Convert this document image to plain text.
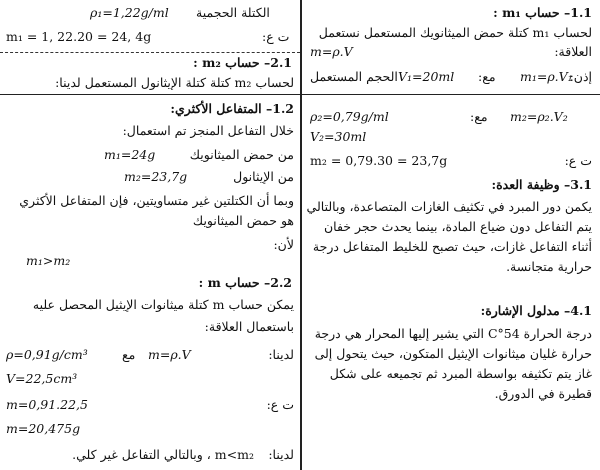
1.1– حساب m₁ :
لحساب m₁ كتلة حمض الميثانويك المستعمل نستعمل
العلاقة:
m=ρ.V
إذن:
m₁=ρ.V₁
مع:
V₁=20ml
الحجم المستعمل
مع: m₂=ρ₂.V₂
ρ₂=0,79g/ml
V₂=30ml
ت ع:
m₂ = 0,79.30 = 23,7g
3.1– وظيفة العدة:
يكمن دور المبرد في تكثيف الغازات المتصاعدة، وبالتالي يتم التفاعل دون ضياع المادة، بينما يحدث حجر خفان أثناء التفاعل غازات، حيث تصبح للخليط المتفاعل درجة حرارية متجانسة.
4.1– مدلول الإشارة:
درجة الحرارة 54°C التي يشير إليها المحرار هي درجة حرارة غليان ميثانوات الإيثيل المتكون، حيث يتحول إلى غاز يتم تكثيفه بواسطة المبرد ثم تجميعه على شكل قطيرة في الدورق.
الكتلة الحجمية
ρ₁=1,22g/ml
ت ع:
m₁ = 1, 22.20 = 24, 4g
2.1– حساب m₂ :
لحساب m₂ كتلة كتلة الإيثانول المستعمل لدينا:
1.2– المتفاعل الأكثري:
خلال التفاعل المنجز تم استعمال:
من حمض الميثانويك
m₁=24g
من الإيثانول
m₂=23,7g
وبما أن الكتلتين غير متساويتين، فإن المتفاعل الأكثري
هو حمض الميثانويك
لأن:
m₁>m₂
2.2– حساب m :
يمكن حساب m كتلة ميثانوات الإيثيل المحصل عليه
باستعمال العلاقة:
لدينا:
m=ρ.V
مع
ρ=0,91g/cm³
V=22,5cm³
ت ع:
m=0,91.22,5
m=20,475g
لدينا:
m<m₂ ، وبالتالي التفاعل غير كلي.
